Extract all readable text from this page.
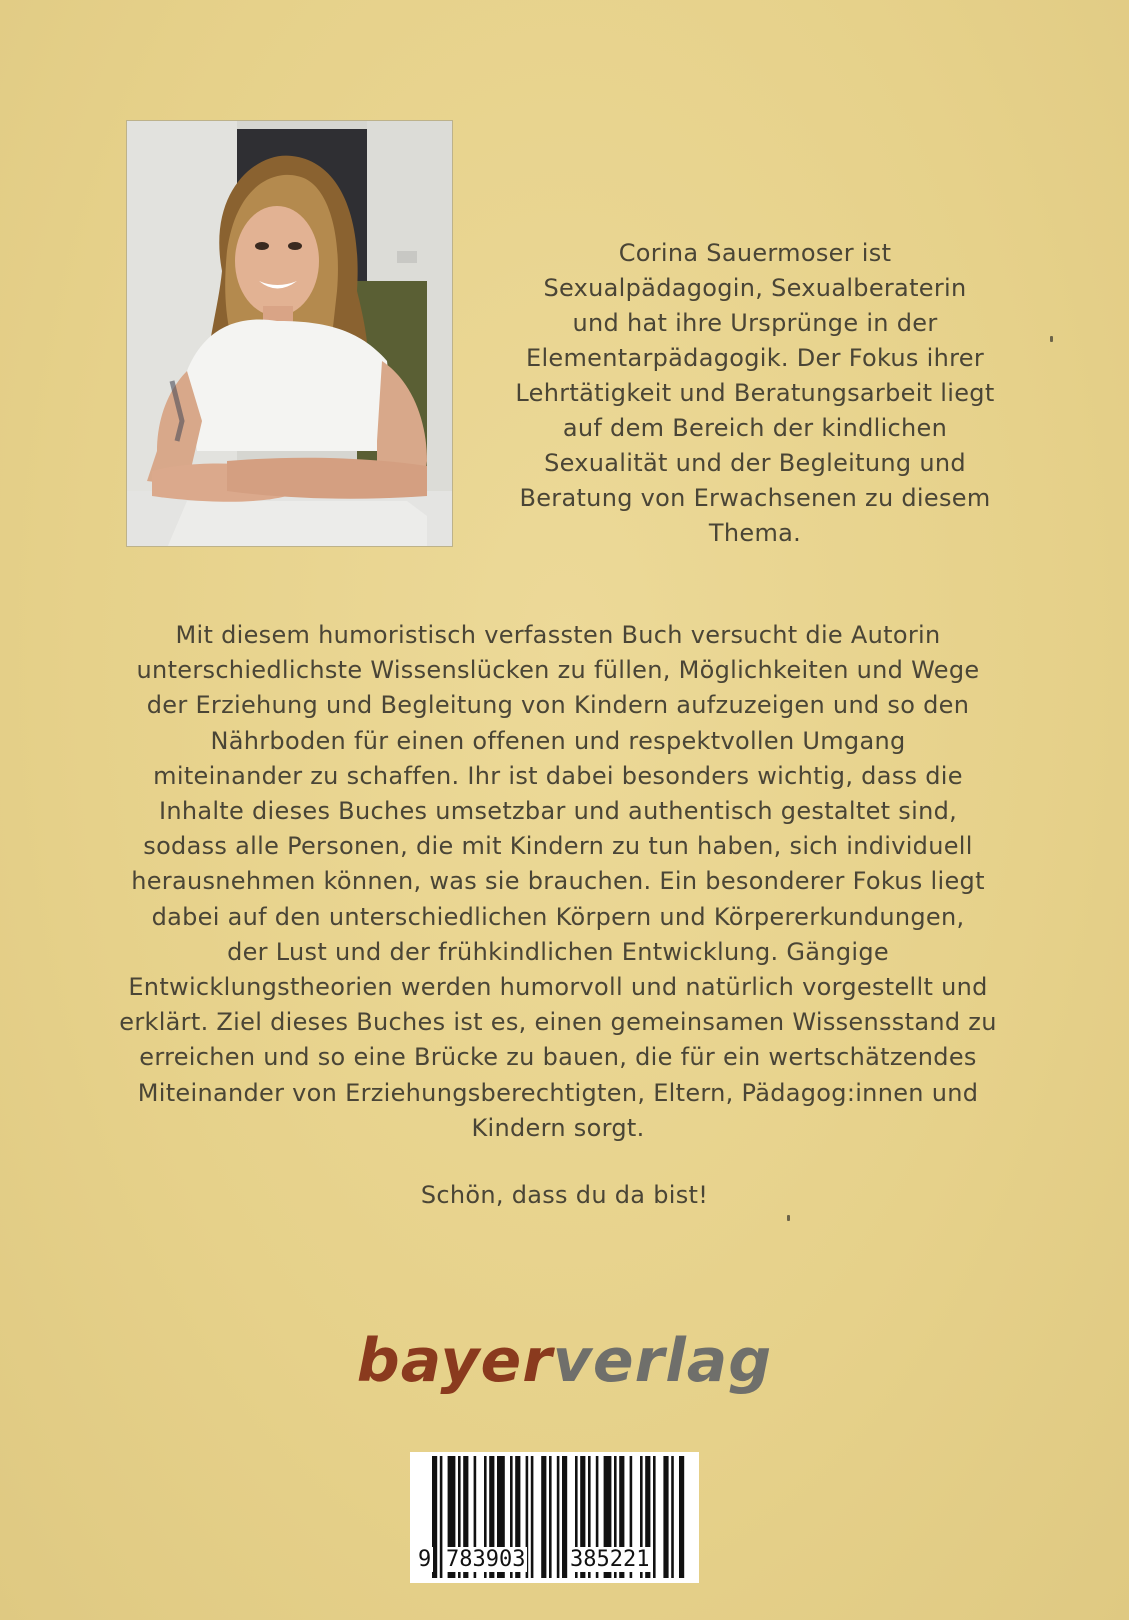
Corina Sauermoser ist
Sexualpädagogin, Sexualberaterin
und hat ihre Ursprünge in der
Elementarpädagogik. Der Fokus ihrer
Lehrtätigkeit und Beratungsarbeit liegt
auf dem Bereich der kindlichen
Sexualität und der Begleitung und
Beratung von Erwachsenen zu diesem
Thema.
Mit diesem humoristisch verfassten Buch versucht die Autorin
unterschiedlichste Wissenslücken zu füllen, Möglichkeiten und Wege
der Erziehung und Begleitung von Kindern aufzuzeigen und so den
Nährboden für einen offenen und respektvollen Umgang
miteinander zu schaffen. Ihr ist dabei besonders wichtig, dass die
Inhalte dieses Buches umsetzbar und authentisch gestaltet sind,
sodass alle Personen, die mit Kindern zu tun haben, sich individuell
herausnehmen können, was sie brauchen. Ein besonderer Fokus liegt
dabei auf den unterschiedlichen Körpern und Körpererkundungen,
der Lust und der frühkindlichen Entwicklung. Gängige
Entwicklungstheorien werden humorvoll und natürlich vorgestellt und
erklärt. Ziel dieses Buches ist es, einen gemeinsamen Wissensstand zu
erreichen und so eine Brücke zu bauen, die für ein wertschätzendes
Miteinander von Erziehungsberechtigten, Eltern, Pädagog:innen und
Kindern sorgt.
Schön, dass du da bist!
bayerverlag
9 783903 385221
